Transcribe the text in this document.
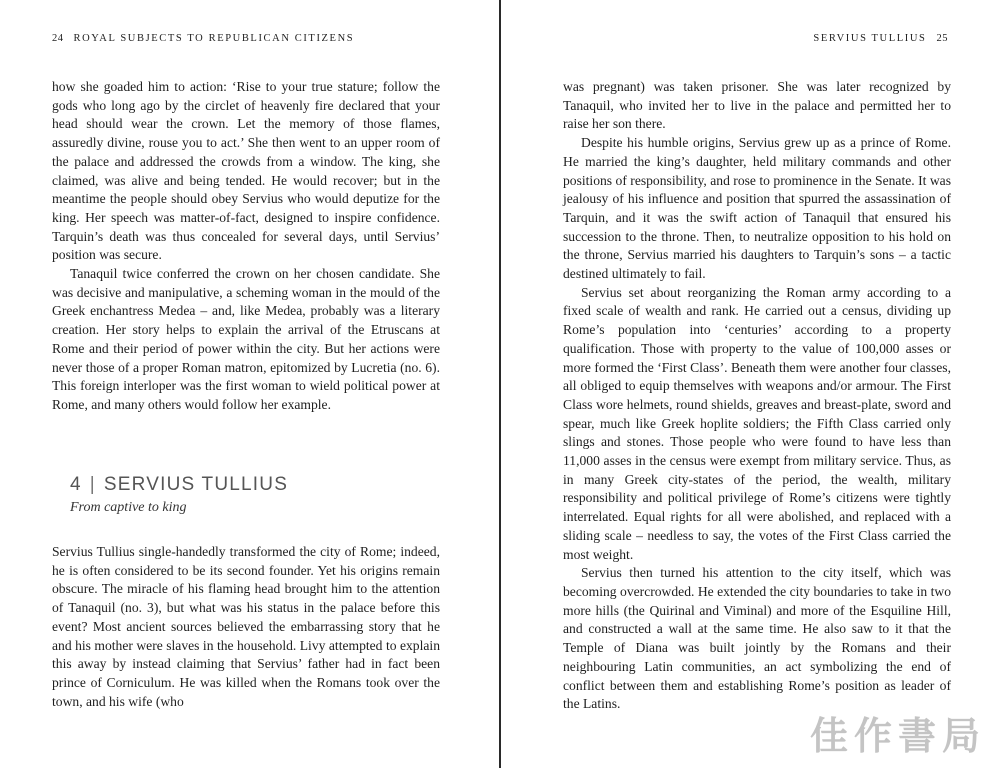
24 ROYAL SUBJECTS TO REPUBLICAN CITIZENS

how she goaded him to action: ‘Rise to your true stature; follow the gods who long ago by the circlet of heavenly fire declared that your head should wear the crown. Let the memory of those flames, assuredly divine, rouse you to act.’ She then went to an upper room of the palace and addressed the crowds from a window. The king, she claimed, was alive and being tended. He would recover; but in the meantime the people should obey Servius who would deputize for the king. Her speech was matter-of-fact, designed to inspire confidence. Tarquin’s death was thus concealed for several days, until Servius’ position was secure.

Tanaquil twice conferred the crown on her chosen candidate. She was decisive and manipulative, a scheming woman in the mould of the Greek enchantress Medea – and, like Medea, probably was a literary creation. Her story helps to explain the arrival of the Etruscans at Rome and their period of power within the city. But her actions were never those of a proper Roman matron, epitomized by Lucretia (no. 6). This foreign interloper was the first woman to wield political power at Rome, and many others would follow her example.

4 | SERVIUS TULLIUS
From captive to king

Servius Tullius single-handedly transformed the city of Rome; indeed, he is often considered to be its second founder. Yet his origins remain obscure. The miracle of his flaming head brought him to the attention of Tanaquil (no. 3), but what was his status in the palace before this event? Most ancient sources believed the embarrassing story that he and his mother were slaves in the household. Livy attempted to explain this away by instead claiming that Servius’ father had in fact been prince of Corniculum. He was killed when the Romans took over the town, and his wife (who

SERVIUS TULLIUS 25

was pregnant) was taken prisoner. She was later recognized by Tanaquil, who invited her to live in the palace and permitted her to raise her son there.

Despite his humble origins, Servius grew up as a prince of Rome. He married the king’s daughter, held military commands and other positions of responsibility, and rose to prominence in the Senate. It was jealousy of his influence and position that spurred the assassination of Tarquin, and it was the swift action of Tanaquil that ensured his succession to the throne. Then, to neutralize opposition to his hold on the throne, Servius married his daughters to Tarquin’s sons – a tactic destined ultimately to fail.

Servius set about reorganizing the Roman army according to a fixed scale of wealth and rank. He carried out a census, dividing up Rome’s population into ‘centuries’ according to a property qualification. Those with property to the value of 100,000 asses or more formed the ‘First Class’. Beneath them were another four classes, all obliged to equip themselves with weapons and/or armour. The First Class wore helmets, round shields, greaves and breast-plate, sword and spear, much like Greek hoplite soldiers; the Fifth Class carried only slings and stones. Those people who were found to have less than 11,000 asses in the census were exempt from military service. Thus, as in many Greek city-states of the period, the wealth, military responsibility and political privilege of Rome’s citizens were tightly interrelated. Equal rights for all were abolished, and replaced with a sliding scale – needless to say, the votes of the First Class carried the most weight.

Servius then turned his attention to the city itself, which was becoming overcrowded. He extended the city boundaries to take in two more hills (the Quirinal and Viminal) and more of the Esquiline Hill, and constructed a wall at the same time. He also saw to it that the Temple of Diana was built jointly by the Romans and their neighbouring Latin communities, an act symbolizing the end of conflict between them and establishing Rome’s position as leader of the Latins.

佳作書局
